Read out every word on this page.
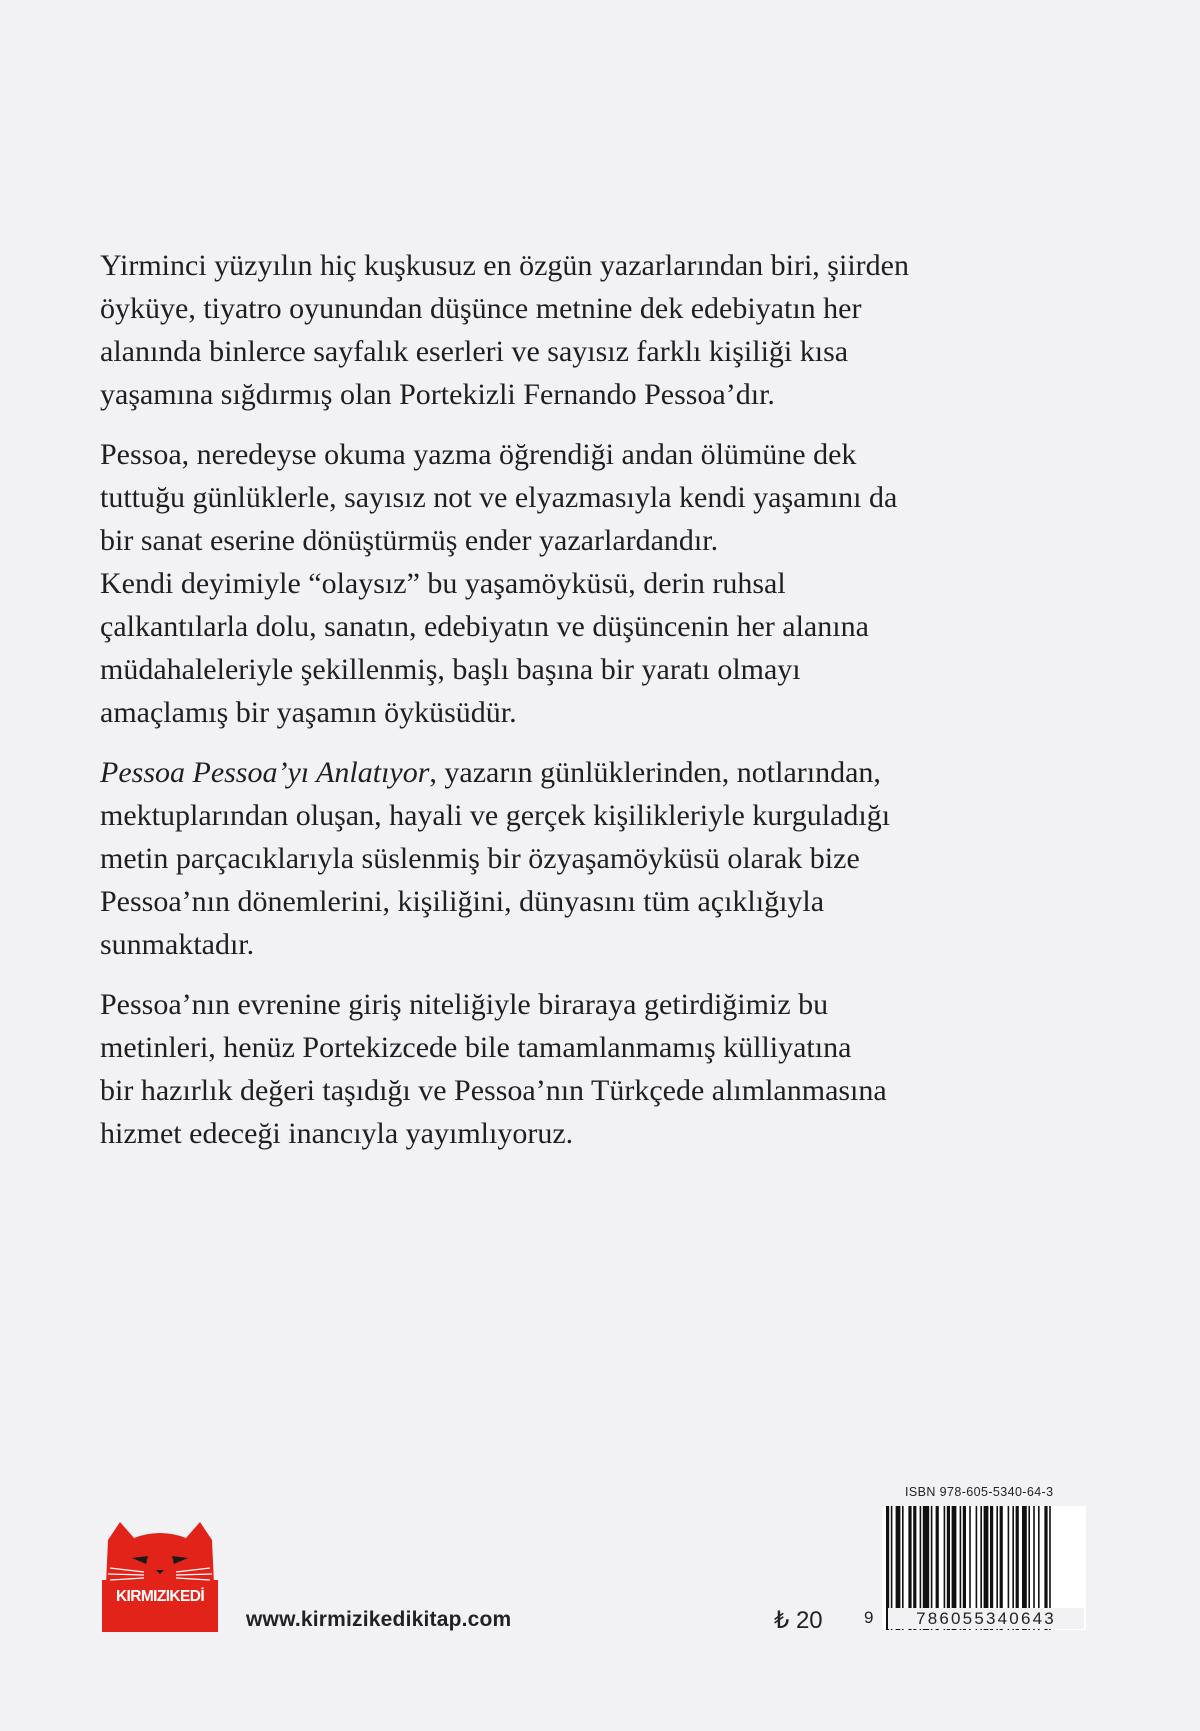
Yirminci yüzyılın hiç kuşkusuz en özgün yazarlarından biri, şiirden
öyküye, tiyatro oyunundan düşünce metnine dek edebiyatın her
alanında binlerce sayfalık eserleri ve sayısız farklı kişiliği kısa
yaşamına sığdırmış olan Portekizli Fernando Pessoa’dır.
Pessoa, neredeyse okuma yazma öğrendiği andan ölümüne dek
tuttuğu günlüklerle, sayısız not ve elyazmasıyla kendi yaşamını da
bir sanat eserine dönüştürmüş ender yazarlardandır.
Kendi deyimiyle “olaysız” bu yaşamöyküsü, derin ruhsal
çalkantılarla dolu, sanatın, edebiyatın ve düşüncenin her alanına
müdahaleleriyle şekillenmiş, başlı başına bir yaratı olmayı
amaçlamış bir yaşamın öyküsüdür.
Pessoa Pessoa’yı Anlatıyor, yazarın günlüklerinden, notlarından,
mektuplarından oluşan, hayali ve gerçek kişilikleriyle kurguladığı
metin parçacıklarıyla süslenmiş bir özyaşamöyküsü olarak bize
Pessoa’nın dönemlerini, kişiliğini, dünyasını tüm açıklığıyla
sunmaktadır.
Pessoa’nın evrenine giriş niteliğiyle biraraya getirdiğimiz bu
metinleri, henüz Portekizcede bile tamamlanmamış külliyatına
bir hazırlık değeri taşıdığı ve Pessoa’nın Türkçede alımlanmasına
hizmet edeceği inancıyla yayımlıyoruz.
KIRMIZIKEDİ
www.kirmizikedikitap.com	₺ 20
ISBN 978-605-5340-64-3
9	786055340643
